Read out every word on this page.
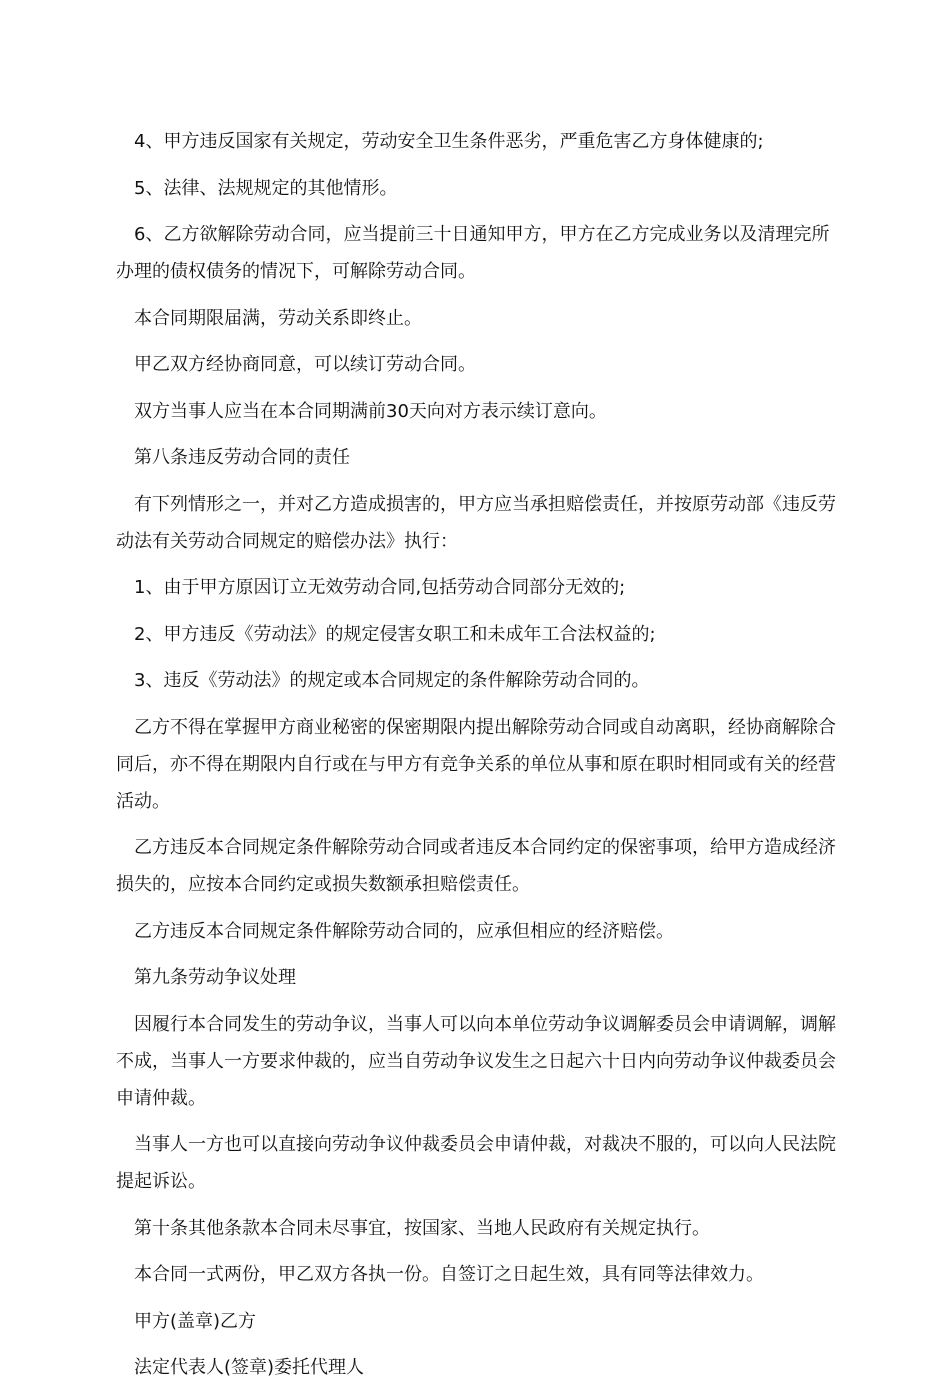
4、甲方违反国家有关规定，劳动安全卫生条件恶劣，严重危害乙方身体健康的;

5、法律、法规规定的其他情形。

6、乙方欲解除劳动合同，应当提前三十日通知甲方，甲方在乙方完成业务以及清理完所办理的债权债务的情况下，可解除劳动合同。

本合同期限届满，劳动关系即终止。

甲乙双方经协商同意，可以续订劳动合同。

双方当事人应当在本合同期满前30天向对方表示续订意向。

第八条违反劳动合同的责任

有下列情形之一，并对乙方造成损害的，甲方应当承担赔偿责任，并按原劳动部《违反劳动法有关劳动合同规定的赔偿办法》执行：

1、由于甲方原因订立无效劳动合同,包括劳动合同部分无效的;

2、甲方违反《劳动法》的规定侵害女职工和未成年工合法权益的;

3、违反《劳动法》的规定或本合同规定的条件解除劳动合同的。

乙方不得在掌握甲方商业秘密的保密期限内提出解除劳动合同或自动离职，经协商解除合同后，亦不得在期限内自行或在与甲方有竞争关系的单位从事和原在职时相同或有关的经营活动。

乙方违反本合同规定条件解除劳动合同或者违反本合同约定的保密事项，给甲方造成经济损失的，应按本合同约定或损失数额承担赔偿责任。

乙方违反本合同规定条件解除劳动合同的，应承但相应的经济赔偿。

第九条劳动争议处理

因履行本合同发生的劳动争议，当事人可以向本单位劳动争议调解委员会申请调解，调解不成，当事人一方要求仲裁的，应当自劳动争议发生之日起六十日内向劳动争议仲裁委员会申请仲裁。

当事人一方也可以直接向劳动争议仲裁委员会申请仲裁，对裁决不服的，可以向人民法院提起诉讼。

第十条其他条款本合同未尽事宜，按国家、当地人民政府有关规定执行。

本合同一式两份，甲乙双方各执一份。自签订之日起生效，具有同等法律效力。

甲方(盖章)乙方

法定代表人(签章)委托代理人
